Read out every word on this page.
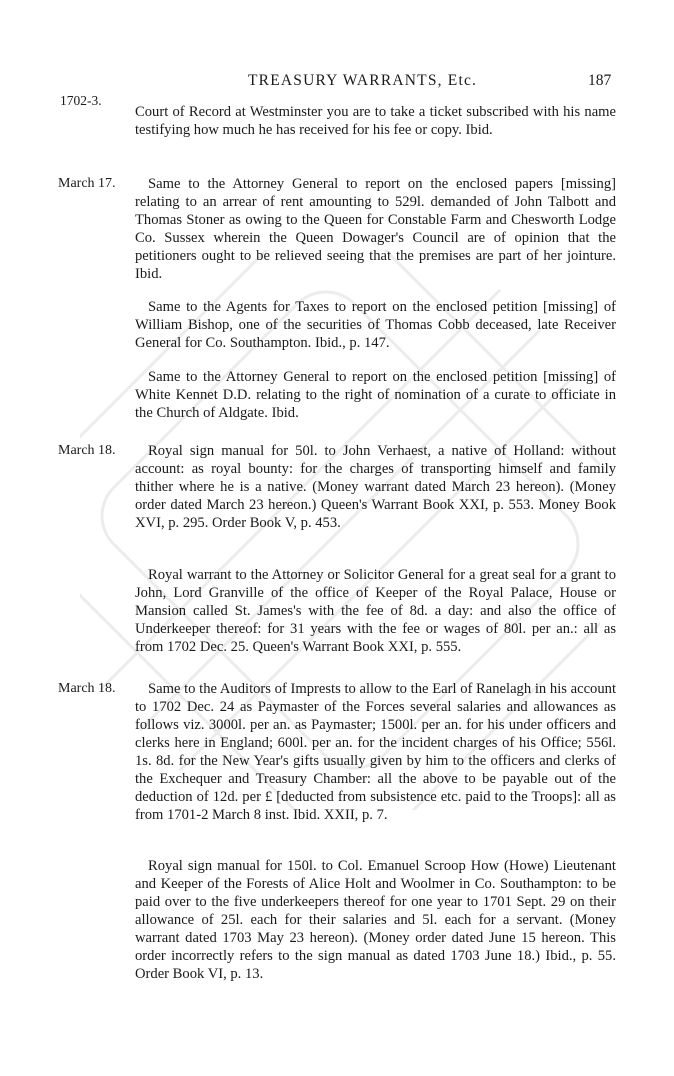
TREASURY WARRANTS, Etc.	187
1702-3.
March 17.
March 18.
March 18.

Court of Record at Westminster you are to take a ticket subscribed with his name testifying how much he has received for his fee or copy. Ibid.

Same to the Attorney General to report on the enclosed papers [missing] relating to an arrear of rent amounting to 529l. demanded of John Talbott and Thomas Stoner as owing to the Queen for Constable Farm and Chesworth Lodge Co. Sussex wherein the Queen Dowager's Council are of opinion that the petitioners ought to be relieved seeing that the premises are part of her jointure. Ibid.

Same to the Agents for Taxes to report on the enclosed petition [missing] of William Bishop, one of the securities of Thomas Cobb deceased, late Receiver General for Co. Southampton. Ibid., p. 147.

Same to the Attorney General to report on the enclosed petition [missing] of White Kennet D.D. relating to the right of nomination of a curate to officiate in the Church of Aldgate. Ibid.

Royal sign manual for 50l. to John Verhaest, a native of Holland: without account: as royal bounty: for the charges of transporting himself and family thither where he is a native. (Money warrant dated March 23 hereon). (Money order dated March 23 hereon.) Queen's Warrant Book XXI, p. 553. Money Book XVI, p. 295. Order Book V, p. 453.

Royal warrant to the Attorney or Solicitor General for a great seal for a grant to John, Lord Granville of the office of Keeper of the Royal Palace, House or Mansion called St. James's with the fee of 8d. a day: and also the office of Underkeeper thereof: for 31 years with the fee or wages of 80l. per an.: all as from 1702 Dec. 25. Queen's Warrant Book XXI, p. 555.

Same to the Auditors of Imprests to allow to the Earl of Ranelagh in his account to 1702 Dec. 24 as Paymaster of the Forces several salaries and allowances as follows viz. 3000l. per an. as Paymaster; 1500l. per an. for his under officers and clerks here in England; 600l. per an. for the incident charges of his Office; 556l. 1s. 8d. for the New Year's gifts usually given by him to the officers and clerks of the Exchequer and Treasury Chamber: all the above to be payable out of the deduction of 12d. per £ [deducted from subsistence etc. paid to the Troops]: all as from 1701-2 March 8 inst. Ibid. XXII, p. 7.

Royal sign manual for 150l. to Col. Emanuel Scroop How (Howe) Lieutenant and Keeper of the Forests of Alice Holt and Woolmer in Co. Southampton: to be paid over to the five underkeepers thereof for one year to 1701 Sept. 29 on their allowance of 25l. each for their salaries and 5l. each for a servant. (Money warrant dated 1703 May 23 hereon). (Money order dated June 15 hereon. This order incorrectly refers to the sign manual as dated 1703 June 18.) Ibid., p. 55. Order Book VI, p. 13.
